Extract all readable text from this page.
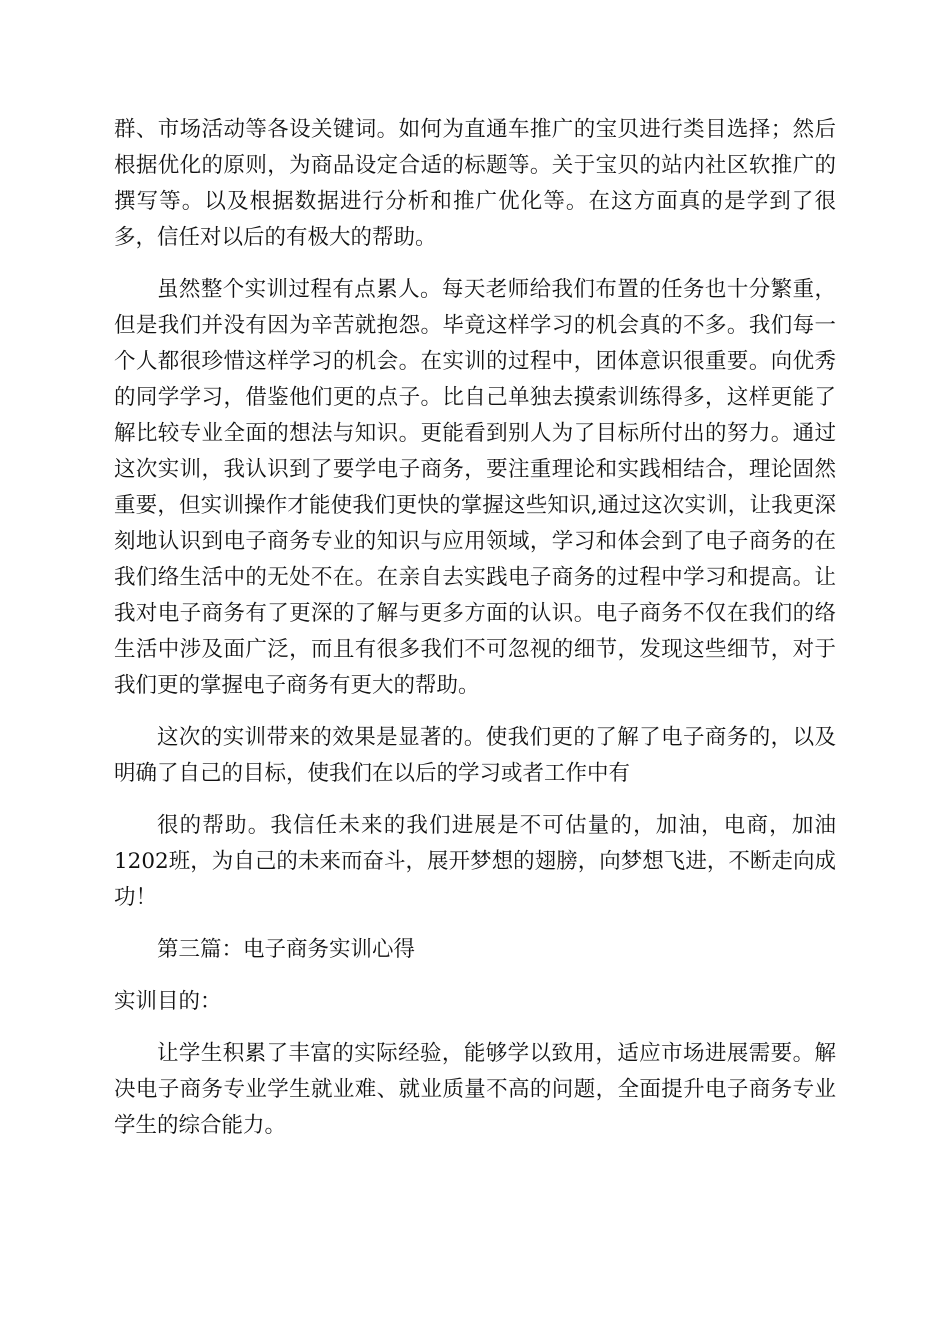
群、市场活动等各设关键词。如何为直通车推广的宝贝进行类目选择；然后根据优化的原则，为商品设定合适的标题等。关于宝贝的站内社区软推广的撰写等。以及根据数据进行分析和推广优化等。在这方面真的是学到了很多，信任对以后的有极大的帮助。

虽然整个实训过程有点累人。每天老师给我们布置的任务也十分繁重，但是我们并没有因为辛苦就抱怨。毕竟这样学习的机会真的不多。我们每一个人都很珍惜这样学习的机会。在实训的过程中，团体意识很重要。向优秀的同学学习，借鉴他们更的点子。比自己单独去摸索训练得多，这样更能了解比较专业全面的想法与知识。更能看到别人为了目标所付出的努力。通过这次实训，我认识到了要学电子商务，要注重理论和实践相结合，理论固然重要，但实训操作才能使我们更快的掌握这些知识,通过这次实训，让我更深刻地认识到电子商务专业的知识与应用领域，学习和体会到了电子商务的在我们络生活中的无处不在。在亲自去实践电子商务的过程中学习和提高。让我对电子商务有了更深的了解与更多方面的认识。电子商务不仅在我们的络生活中涉及面广泛，而且有很多我们不可忽视的细节，发现这些细节，对于我们更的掌握电子商务有更大的帮助。

这次的实训带来的效果是显著的。使我们更的了解了电子商务的，以及明确了自己的目标，使我们在以后的学习或者工作中有

很的帮助。我信任未来的我们进展是不可估量的，加油，电商，加油1202班，为自己的未来而奋斗，展开梦想的翅膀，向梦想飞进，不断走向成功！

第三篇：电子商务实训心得

实训目的：

让学生积累了丰富的实际经验，能够学以致用，适应市场进展需要。解决电子商务专业学生就业难、就业质量不高的问题，全面提升电子商务专业学生的综合能力。
